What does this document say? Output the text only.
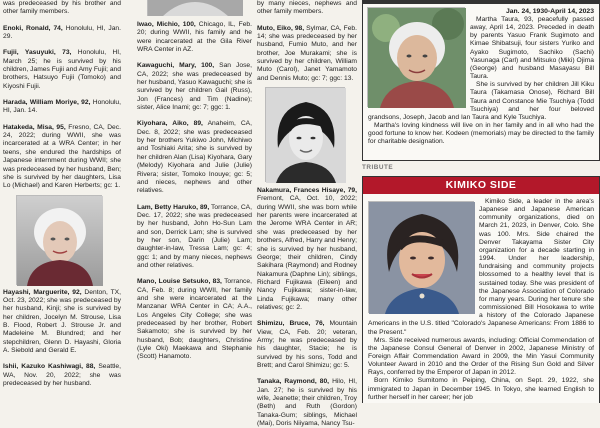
was predeceased by his brother and other family members.

Enoki, Ronald, 74, Honolulu, HI, Jan. 29.

Fujii, Yasuyuki, 73, Honolulu, HI, March 25; he is survived by his children, James Fujii and Amy Fujii; and brothers, Hatsuyo Fujii (Tomoko) and Kiyoshi Fujii.

Harada, William Moriye, 92, Honolulu, HI, Jan. 14.

Hatakeda, Misa, 95, Fresno, CA, Dec. 24, 2022; during WWII, she was incarcerated at a WRA Center; in her teens, she endured the hardships of Japanese internment during WWII; she was predeceased by her husband, Ben; she is survived by her daughters, Lisa Lo (Michael) and Karen Herberts; gc: 1.

Hayashi, Marguerite, 92, Denton, TX, Oct. 23, 2022; she was predeceased by her husband, Kinji; she is survived by her children, Jocelyn M. Strouse, Lisa B. Flood, Robert J. Strouse Jr. and Madeleine M. Blundred; and her stepchildren, Glenn D. Hayashi, Gloria A. Siebold and Gerald E.

Ishii, Kazuko Kashiwagi, 88, Seattle, WA, Nov. 20, 2022; she was predeceased by her husband.

Iwao, Michio, 100, Chicago, IL, Feb. 20; during WWII, his family and he were incarcerated at the Gila River WRA Center in AZ.

Kawaguchi, Mary, 100, San Jose, CA, 2022; she was predeceased by her husband, Yasuo Kawaguchi; she is survived by her children Gail (Russ), Jon (Frances) and Tim (Nadine); sister, Alice Inami; gc: 7; ggc: 1.

Kiyohara, Aiko, 89, Anaheim, CA, Dec. 8, 2022; she was predeceased by her brothers Yukiwo John, Michiwo and Toshiaki Arita; she is survived by her children Alan (Lisa) Kiyohara, Gary (Melody) Kiyohara and Julie (Julie) Rivera; sister, Tomoko Inouye; gc: 5; and nieces, nephews and other relatives.

Lam, Betty Haruko, 89, Torrance, CA, Dec. 17, 2022; she was predeceased by her husband, John Ho-Sun Lam and son, Derrick Lam; she is survived by her son, Darin (Julie) Lam; daughter-in-law, Tressa Lam; gc: 4; ggc: 1; and by many nieces, nephews and other relatives.

Mano, Louise Setsuko, 83, Torrance, CA, Feb. 8; during WWII, her family and she were incarcerated at the Manzanar WRA Center in CA; A.A., Los Angeles City College; she was predeceased by her brother, Robert Sakamoto; she is survived by her husband, Bob; daughters, Christine (Lyle Oki) Maekawa and Stephanie (Scott) Hanamoto.

by many nieces, nephews and other family members.

Muto, Eiko, 98, Sylmar, CA, Feb. 14; she was predeceased by her husband, Fumio Muto, and her brother, Joe Murakami; she is survived by her children, William Muto (Carol), Janet Yamamoto and Dennis Muto; gc: 7; ggc: 13.

Nakamura, Frances Hisaye, 79, Fremont, CA, Oct. 10, 2022; during WWII, she was born while her parents were incarcerated at the Jerome WRA Center in AR; she was predeceased by her brothers, Alfred, Harry and Henry; she is survived by her husband, George; their children, Cindy Sakihara (Raymond) and Rodney Nakamura (Daphne Lin); siblings, Richard Fujikawa (Eileen) and Nancy Fujikawa; sister-in-law, Linda Fujikawa; many other relatives; gc: 2.

Shimizu, Bruce, 76, Mountain View, CA, Feb. 20; veteran, Army; he was predeceased by his daughter, Stacie; he is survived by his sons, Todd and Brett; and Carol Shimizu; gc: 5.

Tanaka, Raymond, 80, Hilo, HI, Jan. 27; he is survived by his wife, Jeanette; their children, Troy (Beth) and Ruth (Gordon) Tanaka-Gum; siblings, Michael (Mai), Doris Niiyama, Nancy Tsu-

Jan. 24, 1930-April 14, 2023

Martha Taura, 93, peacefully passed away, April 14, 2023. Preceded in death by parents Yasuo Frank Sugimoto and Kimae Shibatsuji, four sisters Yuriko and Ayako Sugimoto, Sachiko (Sachi) Yasunaga (Carl) and Mitsuko (Miki) Ojima (George) and husband Masayasu Bill Taura.

She is survived by her children Jill Kiku Taura (Takamasa Onose), Richard Bill Taura and Constance Mie Tsuchiya (Todd Tsuchiya) and her four beloved grandsons, Joseph, Jacob and Ian Taura and Kyle Tsuchiya.

Martha's loving kindness will live on in her family and in all who had the good fortune to know her. Kodeen (memorials) may be directed to the family for charitable designation.

TRIBUTE
KIMIKO SIDE

Kimiko Side, a leader in the area's Japanese and Japanese American community organizations, died on March 21, 2023, in Denver, Colo. She was 100. Mrs. Side chaired the Denver Takayama Sister City organization for a decade starting in 1994. Under her leadership, fundraising and community projects blossomed to a healthy level that is sustained today. She was president of the Japanese Association of Colorado for many years. During her tenure she commissioned Bill Hosokawa to write a history of the Colorado Japanese Americans in the U.S. titled "Colorado's Japanese Americans: From 1886 to the Present."

Mrs. Side received numerous awards, including: Official Commendation of the Japanese Consul General of Denver in 2002, Japanese Ministry of Foreign Affair Commendation Award in 2009, the Min Yasui Community Volunteer Award in 2010 and the Order of the Rising Sun Gold and Silver Rays, conferred by the Emperor of Japan in 2012.

Born Kimiko Sumitomo in Peiping, China, on Sept. 29, 1922, she immigrated to Japan in December 1945. In Tokyo, she learned English to further herself in her career; her job
